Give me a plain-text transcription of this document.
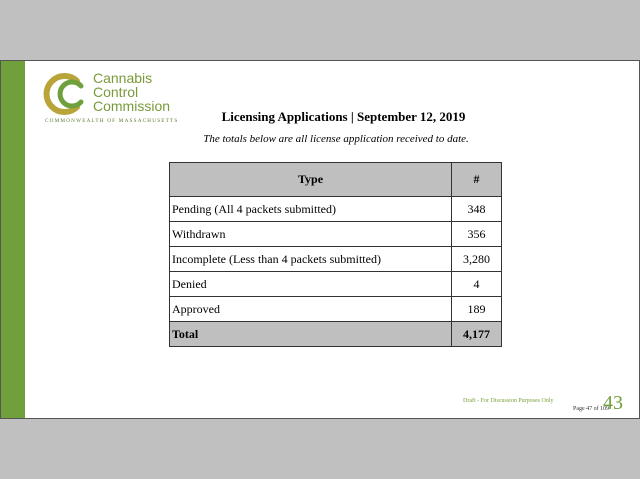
Cannabis
Control
Commission
COMMONWEALTH OF MASSACHUSETTS	Licensing Applications | September 12, 2019
The totals below are all license application received to date.
Type	#
Pending (All 4 packets submitted)	348
Withdrawn	356
Incomplete (Less than 4 packets submitted)	3,280
Denied	4
Approved	189
Total	4,177
Draft - For Discussion Purposes Only
Page 47 of 109
43
